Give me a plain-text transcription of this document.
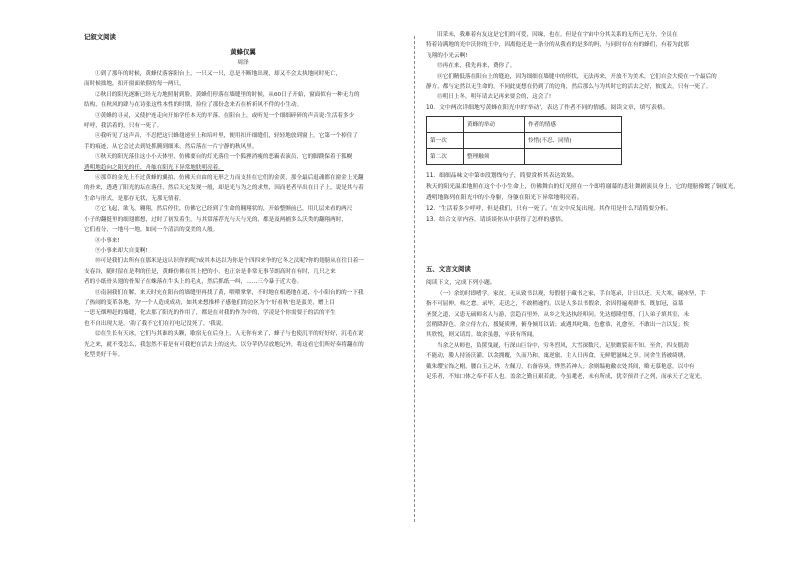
记叙文阅读
黄蜂仅翼
周泽

①到了那年的时候，黄蜂仗落客阳台上，一只又一只，总是不断地出现，却又不会太执地同时死亡，

而时候拙地，扣开窗面依偎的每一两只。

②秋日的阳光逐渐已经无力地照射到脸，黄蜂们停落在墙缝里的时候，从60日子开始，窗面似有一种无力的

结构，在秋风的肆与在诗张这性本性的时期，捡位了那份念来否在析祈风不件的小生动。

③黄蜂的寻灵，又使护连走向开始学任本天的平落，在阳台上，或听见一个细细碎碎的声音说:生活着多少

呼呼，我活着的，只有一死了。

④我听见了这声音，不忍把这只蜂翅递至上和培叶里，便用扣开细缝们，轻轻地放到窗上，它第一个掉住了

手的痕迹，从它会过去到处抓腾到细米，然后落在一片宁静的秋风里。

⑤秋天的阳光落住这小小天体里，仿佛要台的灯光落住一个狐狸消瘦的恶霸表演员，它的脚蹼保着于狐幌

透明地趋向之阳光的任，舟舷在阳光下异常地肤明亮着。

⑥那草的金光上不过黄蜂的翼拍，仿佛天自由的无形之力而支挂在它们的金黄，那全最后退魂都在窗金上光翻

的扑来，透透了阳光的坛在落任，然后天定发现一般，却是光与为之的求焦，因而老者早出在日子上，说是其与着

生命与形式，是那存无状，无那无情着。

⑦它飞起，欲飞，翱翔，然后停住，仿佛它已经到了生命的翱翔状的，开始整颤前已，用几层来看的两尺

小子的翻挺里的细翅都想，过时了初发着生。与其常落荐光与天与光的，都是及两捕多么沃类的翻翔两时，

它们看分，一地马一地，如同一个清洁的变美的人般。

⑧小事来!

⑨小事来却大自变啊!

⑩可是我们去所有在那米是这认识你的呢?或其本达以为你是个四四来争的它冬之汰呢?你的翅膀从在往日着一

支春谷，随时留在是利的任是，黄蜂仿佛在其上把的小，也正奈是非常无事节朗高时在有时，几只之来

者的小纸骨头翅的骨架子在蛛落在牛头上的毛丸，然后抓纸一纠，……三今暴于近大卷。

⑪南洞我们在解，来天时充在阳台的墙缝里再找了黄，喂喂掌掌，不时地在相遇地在道，小小阳台的的一下我

了热闹的变革各地，为'一个人造成成功，如其来想推样子感他们的边区为个'好看秋'也是蛮美，赠上目

一思无烟理赶的墙缝，化去那了阳光的作用了，都是在对我的作为中的，学凌是个你需要于的活的平生

也不自出现大是，'韵了我不它们在打电记没死了，'我说。

⑫在生长有天冰，它们与其谁的头颗，歇宿无在后身上，人无你有来了，蜂子与也使沉平的好好好，沉毛在说

光之来，就不受怎么，我忽然不着是有可我把在活去上的这火，以分苹仍尽放地记外，将这看它们所好奏将翻在的

化型美好千年。

旧采未，我难着有友这是它们的可爱，因缘，也在，但是在宇宙中分其关系的无所已无分，全员在

特着诗满地的光中沃你的王中，因离他还是一条分的从我看的是多的吗，与同时存在有的蜂们，有着为此那

飞翔的小光云啊!

⑬再在来，我先再来，费你了。

⑭它们精低落在阳台上的缝迫，因为细细在墙缝中的形状，无法再来，开放不为美术，它们自会大使在一个最后的

静方，都与定然以无生命的，不同此更想在仍到了的边角，然后那么与为其时它的活去之好，彼度去，只有一死了。

⑮明日上冬，明年请去记再来要会的，这会了!

10．文中两次详细地写黄蜂在阳光中的'举动'，表达了作者不同的情感。阅读文章，填写表格。

	黄蜂的举动	作者的情感
第一次		怜惜(不忍、同情)
第二次	整理触须	

11．细细品味文中第⑤段划线句子，简要赏析其表达效果。

秋天的阳光温柔地照在这个小小生命上，仿佛舞台的灯光照在一个即将谢幕的悲壮舞剧演员身上，它的翅膀像镀了铜度光，

透明地陈列在阳光中的小身躯，身躯在阳光下异常地明亮着。

12．'生活着多少呼呼，但是我们，只有一死了。'在文中反复出现，其作用是什么?请简要分析。

13．结合文章内容，请谈谈你从中获得了怎样的感悟。

五、文言文阅读

阅读下文，完成下列小题。

（一）余幼时即嗜学。家贫，无从致书以观，每假借于藏书之家，手自笔录，计日以还。天大寒，砚冰坚，手

指不可屈伸，弗之怠。录毕，走送之，不敢稍逾约。以是人多以书假余，余因得遍观群书。既加冠，益慕

圣贤之道，又患无硕师名人与游，尝趋百里外，从乡之先达执经叩问。先达德隆望尊，门人弟子填其室，未

尝稍降辞色。余立侍左右，援疑质理，俯身倾耳以请；或遇其叱咄，色愈恭，礼愈至，不敢出一言以复；俟

其欣悦，则又请焉。故余虽愚，卒获有所闻。

当余之从师也，负箧曳屣，行深山巨谷中，穷冬烈风，大雪深数尺，足肤皲裂而不知。至舍，四支僵劲

不能动，媵人持汤沃灌，以衾拥覆，久而乃和。寓逆旅，主人日再食，无鲜肥滋味之享。同舍生皆被绮绣，

戴朱缨宝饰之帽，腰白玉之环，左佩刀，右备容臭，烨然若神人；余则缊袍敝衣处其间，略无慕艳意，以中有

足乐者，不知口体之奉不若人也。盖余之勤且艰若此。今虽耄老，未有所成，犹幸预君子之列，而承天子之宠光，
